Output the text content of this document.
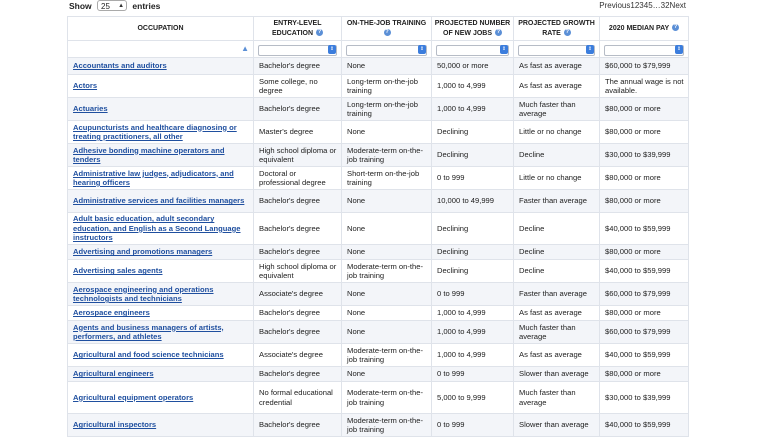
Show 25 ▲ entries	Previous12345…32Next
OCCUPATION	ENTRY-LEVEL EDUCATION ?	ON-THE-JOB TRAINING ?	PROJECTED NUMBER OF NEW JOBS ?	PROJECTED GROWTH RATE ?	2020 MEDIAN PAY ?

▲	⇕	⇕	⇕	⇕	⇕

Accountants and auditors	Bachelor's degree	None	50,000 or more	As fast as average	$60,000 to $79,999
Actors	Some college, no degree	Long-term on-the-job training	1,000 to 4,999	As fast as average	The annual wage is not available.
Actuaries	Bachelor's degree	Long-term on-the-job training	1,000 to 4,999	Much faster than average	$80,000 or more
Acupuncturists and healthcare diagnosing or treating practitioners, all other	Master's degree	None	Declining	Little or no change	$80,000 or more
Adhesive bonding machine operators and tenders	High school diploma or equivalent	Moderate-term on-the-job training	Declining	Decline	$30,000 to $39,999
Administrative law judges, adjudicators, and hearing officers	Doctoral or professional degree	Short-term on-the-job training	0 to 999	Little or no change	$80,000 or more
Administrative services and facilities managers	Bachelor's degree	None	10,000 to 49,999	Faster than average	$80,000 or more
Adult basic education, adult secondary education, and English as a Second Language instructors	Bachelor's degree	None	Declining	Decline	$40,000 to $59,999
Advertising and promotions managers	Bachelor's degree	None	Declining	Decline	$80,000 or more
Advertising sales agents	High school diploma or equivalent	Moderate-term on-the-job training	Declining	Decline	$40,000 to $59,999
Aerospace engineering and operations technologists and technicians	Associate's degree	None	0 to 999	Faster than average	$60,000 to $79,999
Aerospace engineers	Bachelor's degree	None	1,000 to 4,999	As fast as average	$80,000 or more
Agents and business managers of artists, performers, and athletes	Bachelor's degree	None	1,000 to 4,999	Much faster than average	$60,000 to $79,999
Agricultural and food science technicians	Associate's degree	Moderate-term on-the-job training	1,000 to 4,999	As fast as average	$40,000 to $59,999
Agricultural engineers	Bachelor's degree	None	0 to 999	Slower than average	$80,000 or more
Agricultural equipment operators	No formal educational credential	Moderate-term on-the-job training	5,000 to 9,999	Much faster than average	$30,000 to $39,999
Agricultural inspectors	Bachelor's degree	Moderate-term on-the-job training	0 to 999	Slower than average	$40,000 to $59,999
